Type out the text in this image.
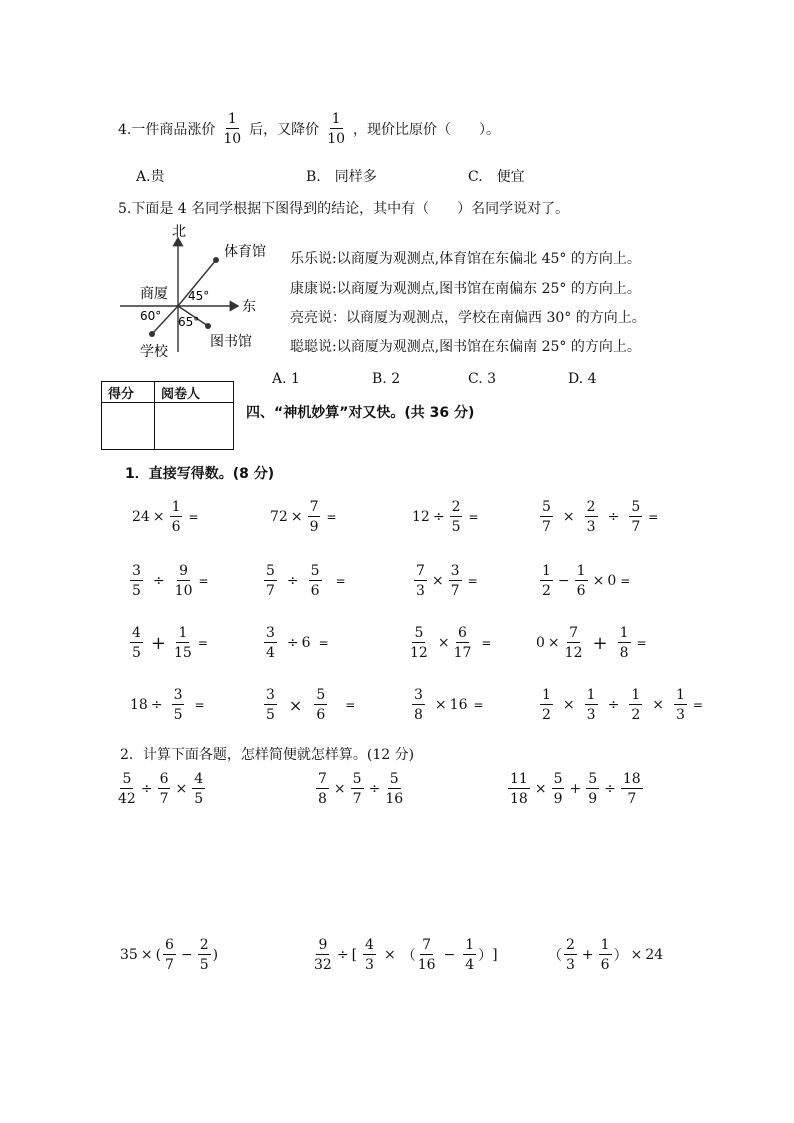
4.一件商品涨价 $\frac{1}{10}$ 后，又降价 $\frac{1}{10}$ ，现价比原价（　　）。
A.贵	B.　同样多	C.　便宜
5.下面是 4 名同学根据下图得到的结论，其中有（　　）名同学说对了。
北
东
商厦
体育馆
图书馆
学校
45°
60° 65°
乐乐说:以商厦为观测点,体育馆在东偏北 45° 的方向上。
康康说:以商厦为观测点,图书馆在南偏东 25° 的方向上。
亮亮说：以商厦为观测点，学校在南偏西 30° 的方向上。
聪聪说:以商厦为观测点,图书馆在东偏南 25° 的方向上。
A. 1	B. 2	C. 3	D. 4
得分	阅卷人

四、“神机妙算”对又快。(共 36 分)
1．直接写得数。(8 分)
$24 \times \frac{1}{6}$ =	$72 \times \frac{7}{9}$ =	$12 \div \frac{2}{5}$ =	$\frac{5}{7} \times \frac{2}{3} \div \frac{5}{7}$ =
$\frac{3}{5} \div \frac{9}{10}$ =	$\frac{5}{7} \div \frac{5}{6}$ =	$\frac{7}{3} \times \frac{3}{7}$ =	$\frac{1}{2} - \frac{1}{6} \times 0$ =
$\frac{4}{5} + \frac{1}{15}$ =	$\frac{3}{4} \div 6$ =	$\frac{5}{12} \times \frac{6}{17}$ =	$0 \times \frac{7}{12} + \frac{1}{8}$ =
$18 \div \frac{3}{5}$ =	$\frac{3}{5} \times \frac{5}{6}$ =	$\frac{3}{8} \times 16$ =	$\frac{1}{2} \times \frac{1}{3} \div \frac{1}{2} \times \frac{1}{3}$ =
2．计算下面各题，怎样简便就怎样算。(12 分)
$\frac{5}{42} \div \frac{6}{7} \times \frac{4}{5}$	$\frac{7}{8} \times \frac{5}{7} \div \frac{5}{16}$	$\frac{11}{18} \times \frac{5}{9} + \frac{5}{9} \div \frac{18}{7}$
35 × ( $\frac{6}{7} - \frac{2}{5}$ )	$\frac{9}{32}$ ÷ [ $\frac{4}{3}$ × （ $\frac{7}{16} - \frac{1}{4}$ ） ]	（ $\frac{2}{3} + \frac{1}{6}$ ） × 24
